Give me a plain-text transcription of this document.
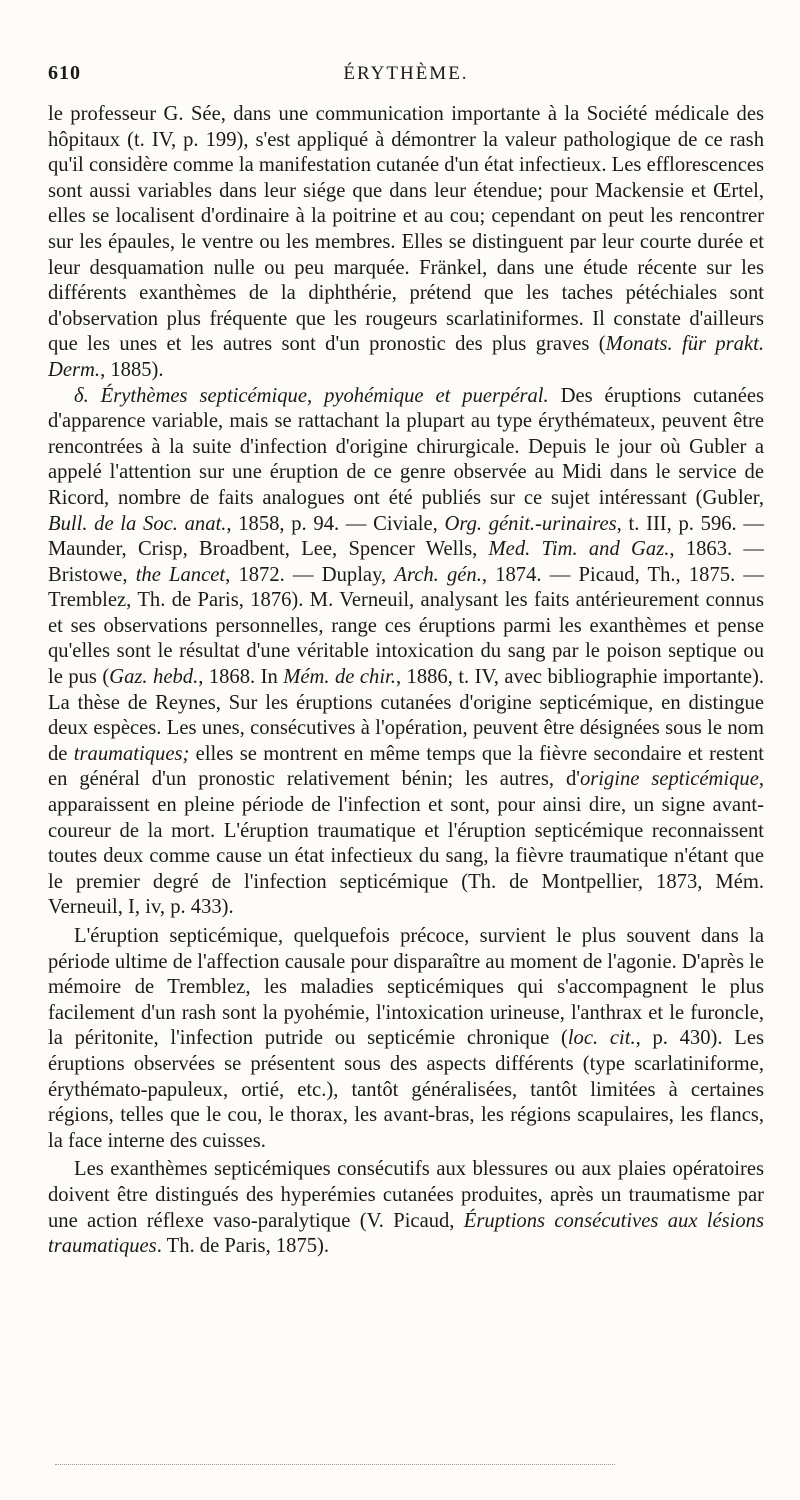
610	ÉRYTHÈME.

le professeur G. Sée, dans une communication importante à la Société médicale des hôpitaux (t. IV, p. 199), s'est appliqué à démontrer la valeur pathologique de ce rash qu'il considère comme la manifestation cutanée d'un état infectieux. Les efflorescences sont aussi variables dans leur siége que dans leur étendue; pour Mackensie et Œrtel, elles se localisent d'ordinaire à la poitrine et au cou; cependant on peut les rencontrer sur les épaules, le ventre ou les membres. Elles se distinguent par leur courte durée et leur desquamation nulle ou peu marquée. Fränkel, dans une étude récente sur les différents exanthèmes de la diphthérie, prétend que les taches pétéchiales sont d'observation plus fréquente que les rougeurs scarlatiniformes. Il constate d'ailleurs que les unes et les autres sont d'un pronostic des plus graves (Monats. für prakt. Derm., 1885).

δ. Érythèmes septicémique, pyohémique et puerpéral. Des éruptions cutanées d'apparence variable, mais se rattachant la plupart au type érythémateux, peuvent être rencontrées à la suite d'infection d'origine chirurgicale. Depuis le jour où Gubler a appelé l'attention sur une éruption de ce genre observée au Midi dans le service de Ricord, nombre de faits analogues ont été publiés sur ce sujet intéressant (Gubler, Bull. de la Soc. anat., 1858, p. 94. — Civiale, Org. génit.-urinaires, t. III, p. 596. — Maunder, Crisp, Broadbent, Lee, Spencer Wells, Med. Tim. and Gaz., 1863. — Bristowe, the Lancet, 1872. — Duplay, Arch. gén., 1874. — Picaud, Th., 1875. — Tremblez, Th. de Paris, 1876). M. Verneuil, analysant les faits antérieurement connus et ses observations personnelles, range ces éruptions parmi les exanthèmes et pense qu'elles sont le résultat d'une véritable intoxication du sang par le poison septique ou le pus (Gaz. hebd., 1868. In Mém. de chir., 1886, t. IV, avec bibliographie importante). La thèse de Reynes, Sur les éruptions cutanées d'origine septicémique, en distingue deux espèces. Les unes, consécutives à l'opération, peuvent être désignées sous le nom de traumatiques; elles se montrent en même temps que la fièvre secondaire et restent en général d'un pronostic relativement bénin; les autres, d'origine septicémique, apparaissent en pleine période de l'infection et sont, pour ainsi dire, un signe avant-coureur de la mort. L'éruption traumatique et l'éruption septicémique reconnaissent toutes deux comme cause un état infectieux du sang, la fièvre traumatique n'étant que le premier degré de l'infection septicémique (Th. de Montpellier, 1873, Mém. Verneuil, I, iv, p. 433).

L'éruption septicémique, quelquefois précoce, survient le plus souvent dans la période ultime de l'affection causale pour disparaître au moment de l'agonie. D'après le mémoire de Tremblez, les maladies septicémiques qui s'accompagnent le plus facilement d'un rash sont la pyohémie, l'intoxication urineuse, l'anthrax et le furoncle, la péritonite, l'infection putride ou septicémie chronique (loc. cit., p. 430). Les éruptions observées se présentent sous des aspects différents (type scarlatiniforme, érythémato-papuleux, ortié, etc.), tantôt généralisées, tantôt limitées à certaines régions, telles que le cou, le thorax, les avant-bras, les régions scapulaires, les flancs, la face interne des cuisses.

Les exanthèmes septicémiques consécutifs aux blessures ou aux plaies opératoires doivent être distingués des hyperémies cutanées produites, après un traumatisme par une action réflexe vaso-paralytique (V. Picaud, Éruptions consécutives aux lésions traumatiques. Th. de Paris, 1875).
